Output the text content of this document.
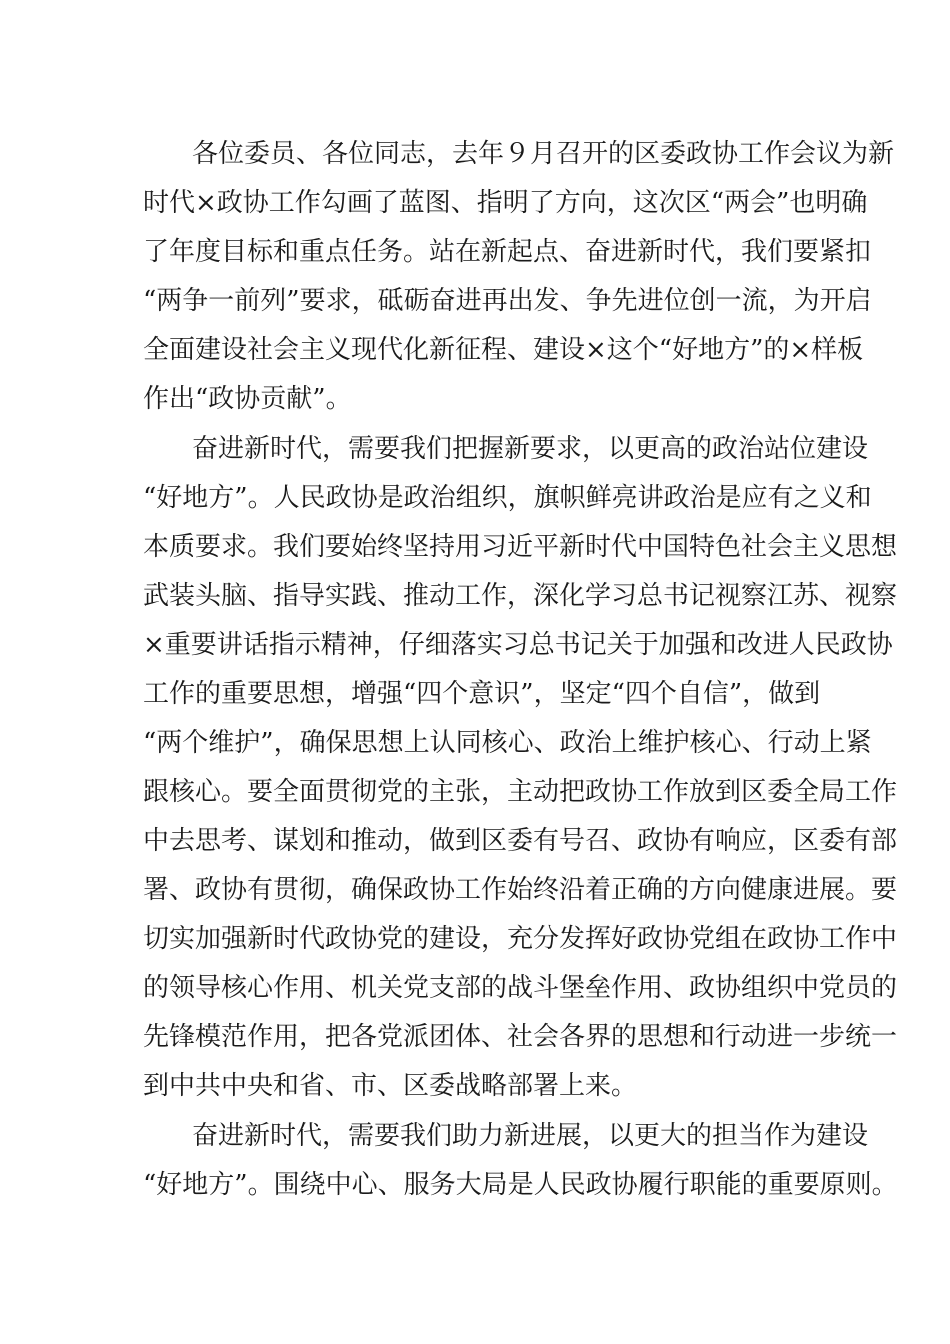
各位委员、各位同志，去年９月召开的区委政协工作会议为新
时代×政协工作勾画了蓝图、指明了方向，这次区“两会”也明确
了年度目标和重点任务。站在新起点、奋进新时代，我们要紧扣
“两争一前列”要求，砥砺奋进再出发、争先进位创一流，为开启
全面建设社会主义现代化新征程、建设×这个“好地方”的×样板
作出“政协贡献”。
奋进新时代，需要我们把握新要求，以更高的政治站位建设
“好地方”。人民政协是政治组织，旗帜鲜亮讲政治是应有之义和
本质要求。我们要始终坚持用习近平新时代中国特色社会主义思想
武装头脑、指导实践、推动工作，深化学习总书记视察江苏、视察
×重要讲话指示精神，仔细落实习总书记关于加强和改进人民政协
工作的重要思想，增强“四个意识”，坚定“四个自信”，做到
“两个维护”，确保思想上认同核心、政治上维护核心、行动上紧
跟核心。要全面贯彻党的主张，主动把政协工作放到区委全局工作
中去思考、谋划和推动，做到区委有号召、政协有响应，区委有部
署、政协有贯彻，确保政协工作始终沿着正确的方向健康进展。要
切实加强新时代政协党的建设，充分发挥好政协党组在政协工作中
的领导核心作用、机关党支部的战斗堡垒作用、政协组织中党员的
先锋模范作用，把各党派团体、社会各界的思想和行动进一步统一
到中共中央和省、市、区委战略部署上来。
奋进新时代，需要我们助力新进展，以更大的担当作为建设
“好地方”。围绕中心、服务大局是人民政协履行职能的重要原则。
